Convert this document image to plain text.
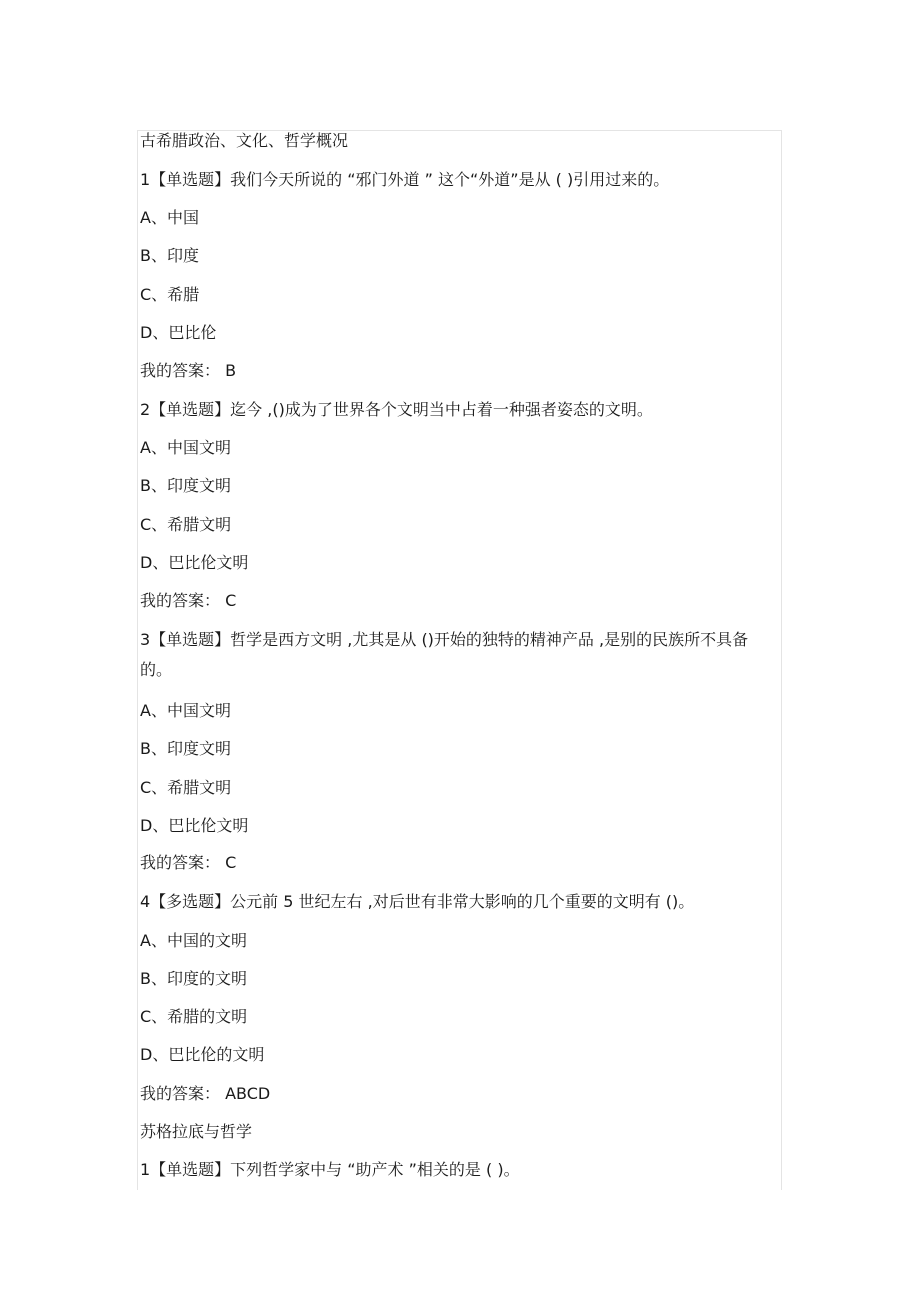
古希腊政治、文化、哲学概况
1【单选题】我们今天所说的 “邪门外道 ” 这个“外道”是从 ( )引用过来的。
A、中国
B、印度
C、希腊
D、巴比伦
我的答案： B
2【单选题】迄今 ,()成为了世界各个文明当中占着一种强者姿态的文明。
A、中国文明
B、印度文明
C、希腊文明
D、巴比伦文明
我的答案： C
3【单选题】哲学是西方文明 ,尤其是从 ()开始的独特的精神产品 ,是别的民族所不具备的。
A、中国文明
B、印度文明
C、希腊文明
D、巴比伦文明
我的答案： C
4【多选题】公元前 5 世纪左右 ,对后世有非常大影响的几个重要的文明有 ()。
A、中国的文明
B、印度的文明
C、希腊的文明
D、巴比伦的文明
我的答案： ABCD
苏格拉底与哲学
1【单选题】下列哲学家中与 “助产术 ”相关的是 ( )。
